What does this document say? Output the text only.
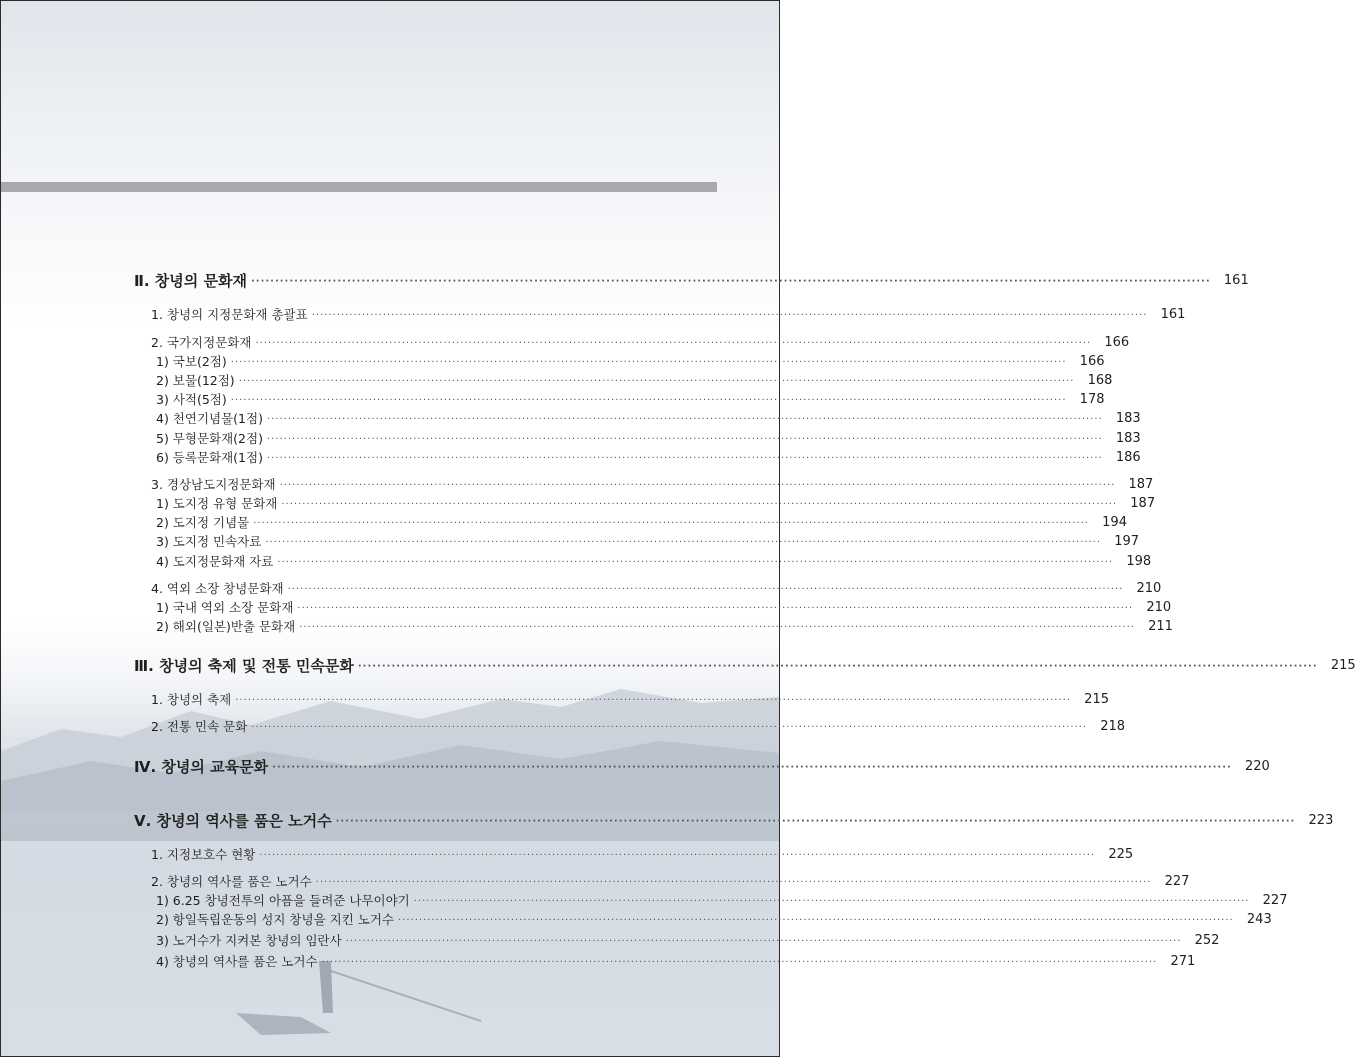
Ⅱ. 창녕의 문화재 ········································································································································································································	161
1. 창녕의 지정문화재 총괄표 ········································································································································································································	161
2. 국가지정문화재 ········································································································································································································	166
1) 국보(2점) ········································································································································································································	166
2) 보물(12점) ········································································································································································································	168
3) 사적(5점) ········································································································································································································	178
4) 천연기념물(1점) ········································································································································································································	183
5) 무형문화재(2점) ········································································································································································································	183
6) 등록문화재(1점) ········································································································································································································	186
3. 경상남도지정문화재 ········································································································································································································	187
1) 도지정 유형 문화재 ········································································································································································································	187
2) 도지정 기념물 ········································································································································································································	194
3) 도지정 민속자료 ········································································································································································································	197
4) 도지정문화재 자료 ········································································································································································································	198
4. 역외 소장 창녕문화재 ········································································································································································································	210
1) 국내 역외 소장 문화재 ········································································································································································································	210
2) 해외(일본)반출 문화재 ········································································································································································································	211
Ⅲ. 창녕의 축제 및 전통 민속문화 ········································································································································································································	215
1. 창녕의 축제 ········································································································································································································	215
2. 전통 민속 문화 ········································································································································································································	218
Ⅳ. 창녕의 교육문화 ········································································································································································································	220
Ⅴ. 창녕의 역사를 품은 노거수 ········································································································································································································	223
1. 지정보호수 현황 ········································································································································································································	225
2. 창녕의 역사를 품은 노거수 ········································································································································································································	227
1) 6.25 창녕전투의 아픔을 들려준 나무이야기 ········································································································································································································	227
2) 항일독립운동의 성지 창녕을 지킨 노거수 ········································································································································································································	243
3) 노거수가 지켜본 창녕의 임란사 ········································································································································································································	252
4) 창녕의 역사를 품은 노거수 ········································································································································································································	271
